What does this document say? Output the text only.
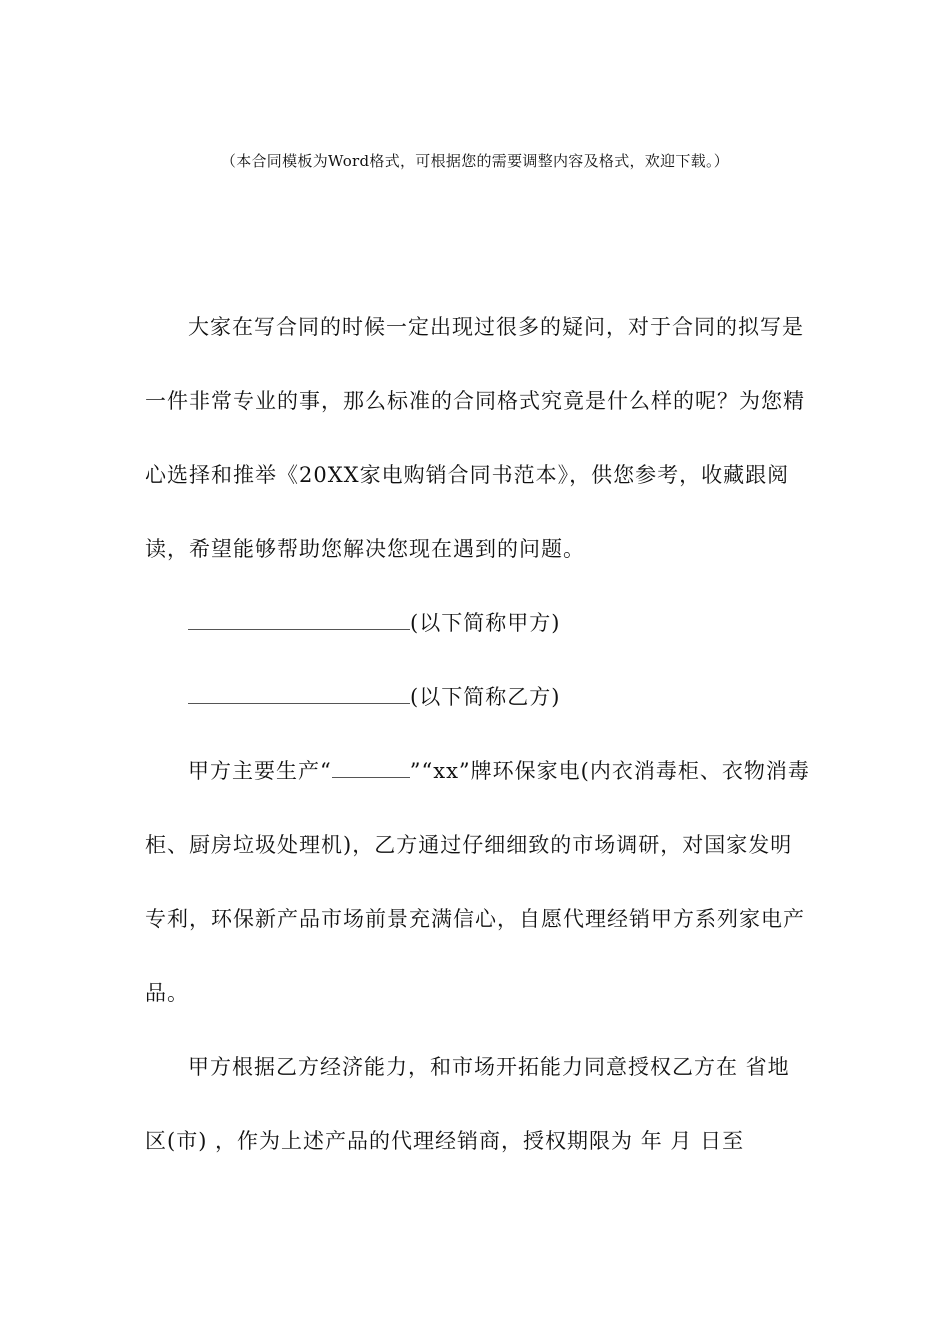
（本合同模板为Word格式，可根据您的需要调整内容及格式，欢迎下载。）

大家在写合同的时候一定出现过很多的疑问，对于合同的拟写是一件非常专业的事，那么标准的合同格式究竟是什么样的呢？为您精心选择和推举《20XX家电购销合同书范本》，供您参考，收藏跟阅读，希望能够帮助您解决您现在遇到的问题。

(以下简称甲方)

(以下简称乙方)

甲方主要生产“	”“xx”牌环保家电(内衣消毒柜、衣物消毒柜、厨房垃圾处理机)，乙方通过仔细细致的市场调研，对国家发明专利，环保新产品市场前景充满信心，自愿代理经销甲方系列家电产品。

甲方根据乙方经济能力，和市场开拓能力同意授权乙方在 省地区(市) ，作为上述产品的代理经销商，授权期限为 年 月 日至
